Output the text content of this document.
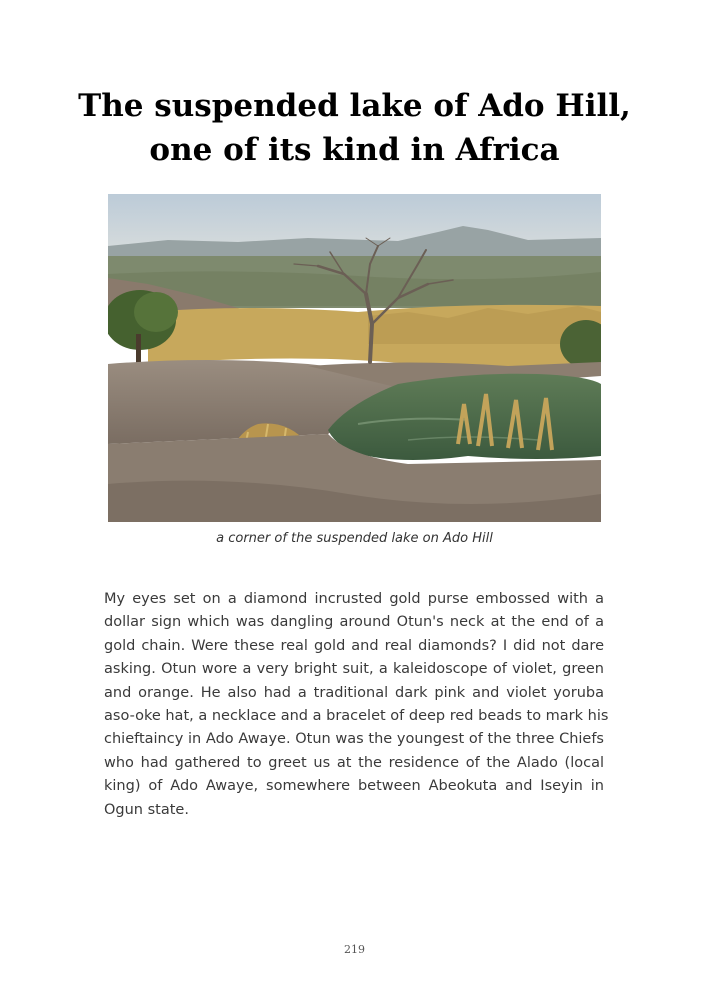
The suspended lake of Ado Hill,
one of its kind in Africa
a corner of the suspended lake on Ado Hill

My eyes set on a diamond incrusted gold purse embossed with a
dollar sign which was dangling around Otun's neck at the end of a
gold chain. Were these real gold and real diamonds? I did not dare
asking. Otun wore a very bright suit, a kaleidoscope of violet, green
and orange. He also had a traditional dark pink and violet yoruba
aso-oke hat, a necklace and a bracelet of deep red beads to mark his
chieftaincy in Ado Awaye. Otun was the youngest of the three Chiefs
who had gathered to greet us at the residence of the Alado (local
king) of Ado Awaye, somewhere between Abeokuta and Iseyin in
Ogun state.

219
